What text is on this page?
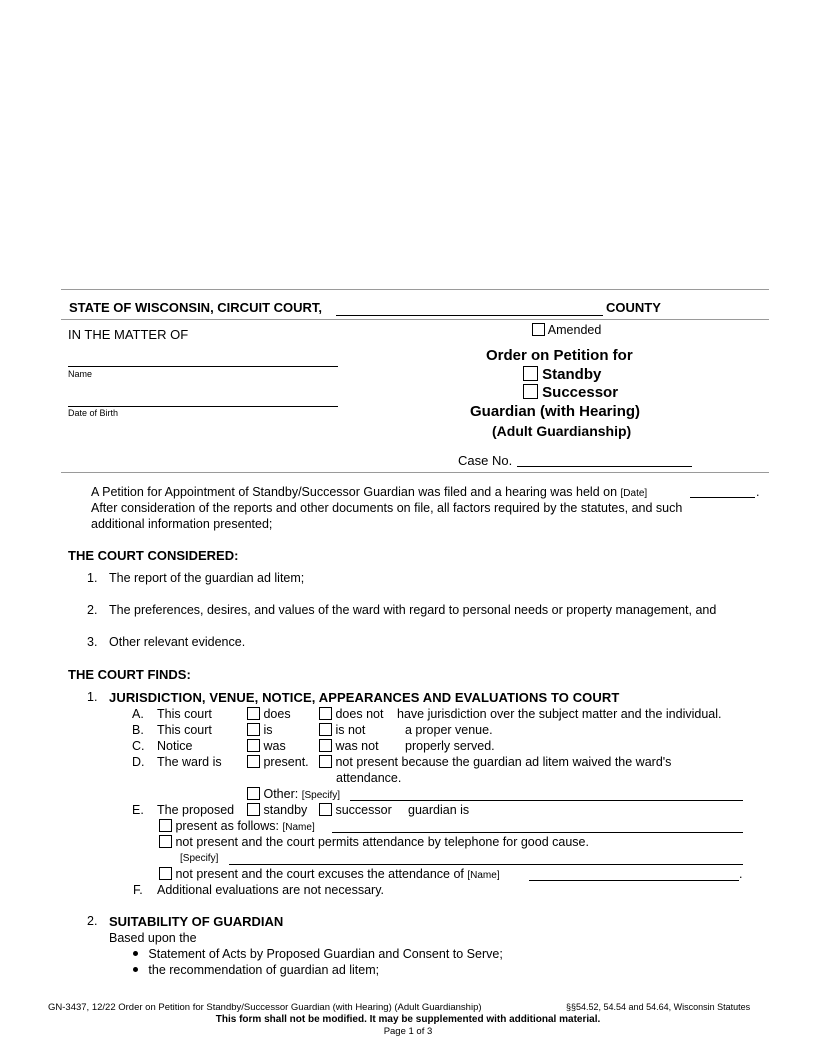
STATE OF WISCONSIN, CIRCUIT COURT,	COUNTY
IN THE MATTER OF
Name
Date of Birth
Amended
Order on Petition for
Standby
Successor
Guardian (with Hearing)
(Adult Guardianship)
Case No.
A Petition for Appointment of Standby/Successor Guardian was filed and a hearing was held on [Date]	.
After consideration of the reports and other documents on file, all factors required by the statutes, and such
additional information presented;
THE COURT CONSIDERED:
1. The report of the guardian ad litem;
2. The preferences, desires, and values of the ward with regard to personal needs or property management, and
3. Other relevant evidence.
THE COURT FINDS:
1. JURISDICTION, VENUE, NOTICE, APPEARANCES AND EVALUATIONS TO COURT
A. This court	does	does not have jurisdiction over the subject matter and the individual.
B. This court	is	is not	a proper venue.
C. Notice	was	was not properly served.
D. The ward is	present.	not present because the guardian ad litem waived the ward's
attendance.
Other: [Specify]
E. The proposed	standby	successor guardian is
present as follows: [Name]
not present and the court permits attendance by telephone for good cause.
[Specify]
not present and the court excuses the attendance of [Name]	.
F. Additional evaluations are not necessary.
2. SUITABILITY OF GUARDIAN
Based upon the
Statement of Acts by Proposed Guardian and Consent to Serve;
the recommendation of guardian ad litem;
GN-3437, 12/22 Order on Petition for Standby/Successor Guardian (with Hearing) (Adult Guardianship)	§§54.52, 54.54 and 54.64, Wisconsin Statutes
This form shall not be modified. It may be supplemented with additional material.
Page 1 of 3
